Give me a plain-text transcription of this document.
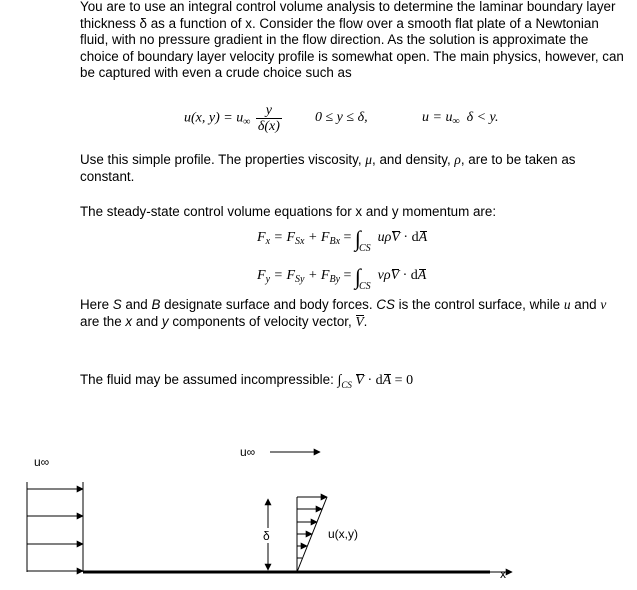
You are to use an integral control volume analysis to determine the laminar boundary layer thickness δ as a function of x. Consider the flow over a smooth flat plate of a Newtonian fluid, with no pressure gradient in the flow direction. As the solution is approximate the choice of boundary layer velocity profile is somewhat open. The main physics, however, can be captured with even a crude choice such as
u(x, $y) = u_\infty \frac{y}{\delta(x)} 0 \le y \le \delta$,	$u = u_\infty$ δ < y.
Use this simple profile. The properties viscosity, μ, and density, ρ, are to be taken as constant.
The steady-state control volume equations for x and y momentum are:
$F_x = F_{Sx} + F_{Bx} = \int_{CS}$  uρV · dA
$F_y = F_{Sy} + F_{By} = \int_{CS}$  vρV · dA
Here S and B designate surface and body forces. CS is the control surface, while u and v are the x and y components of velocity vector, V.
The fluid may be assumed incompressible: $\int_{CS}$ V · dA = 0
u∞
u∞
δ	u(x,y)
x
